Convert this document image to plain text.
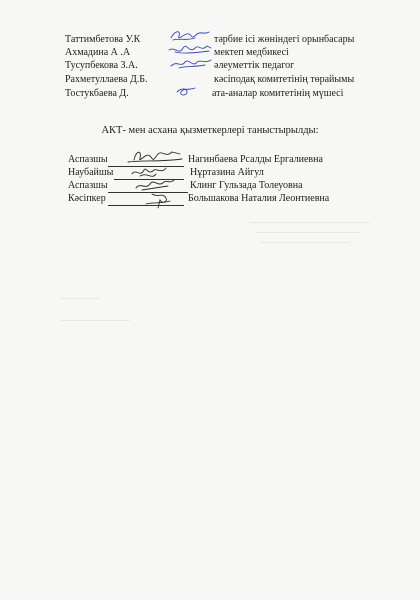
Таттимбетова У.К	тәрбие ісі жөніндегі орынбасары
Ахмадина А .А	мектеп медбикесі
Тусупбекова З.А.	әлеуметтік педагог
Рахметуллаева Д.Б.	кәсіподақ комитетінің төрайымы
Тостукбаева Д.	ата-аналар комитетінің мүшесі
АКТ- мен асхана қызметкерлері таныстырылды:
Аспазшы	Нагинбаева Рсалды Ергалиевна
Наубайшы	Нұртазина Айгул
Аспазшы	Клинг Гульзада Толеуовна
Кәсіпкер	Большакова Наталия Леонтиевна
